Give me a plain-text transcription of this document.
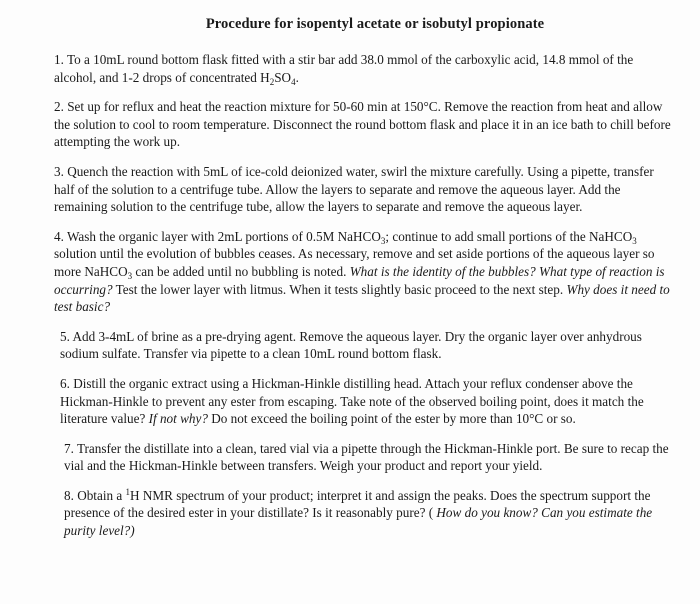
Procedure for isopentyl acetate or isobutyl propionate

1. To a 10mL round bottom flask fitted with a stir bar add 38.0 mmol of the carboxylic acid, 14.8 mmol of the alcohol, and 1-2 drops of concentrated $H_2SO_4$.

2. Set up for reflux and heat the reaction mixture for 50-60 min at 150°C. Remove the reaction from heat and allow the solution to cool to room temperature. Disconnect the round bottom flask and place it in an ice bath to chill before attempting the work up.

3. Quench the reaction with 5mL of ice-cold deionized water, swirl the mixture carefully. Using a pipette, transfer half of the solution to a centrifuge tube. Allow the layers to separate and remove the aqueous layer. Add the remaining solution to the centrifuge tube, allow the layers to separate and remove the aqueous layer.

4. Wash the organic layer with 2mL portions of 0.5M NaHCO$_3$; continue to add small portions of the NaHCO$_3$ solution until the evolution of bubbles ceases. As necessary, remove and set aside portions of the aqueous layer so more NaHCO$_3$ can be added until no bubbling is noted. What is the identity of the bubbles? What type of reaction is occurring? Test the lower layer with litmus. When it tests slightly basic proceed to the next step. Why does it need to test basic?

5. Add 3-4mL of brine as a pre-drying agent. Remove the aqueous layer. Dry the organic layer over anhydrous sodium sulfate. Transfer via pipette to a clean 10mL round bottom flask.

6. Distill the organic extract using a Hickman-Hinkle distilling head. Attach your reflux condenser above the Hickman-Hinkle to prevent any ester from escaping. Take note of the observed boiling point, does it match the literature value? If not why? Do not exceed the boiling point of the ester by more than 10°C or so.

7. Transfer the distillate into a clean, tared vial via a pipette through the Hickman-Hinkle port. Be sure to recap the vial and the Hickman-Hinkle between transfers. Weigh your product and report your yield.

8. Obtain a $^1$H NMR spectrum of your product; interpret it and assign the peaks. Does the spectrum support the presence of the desired ester in your distillate? Is it reasonably pure? ( How do you know? Can you estimate the purity level?)
